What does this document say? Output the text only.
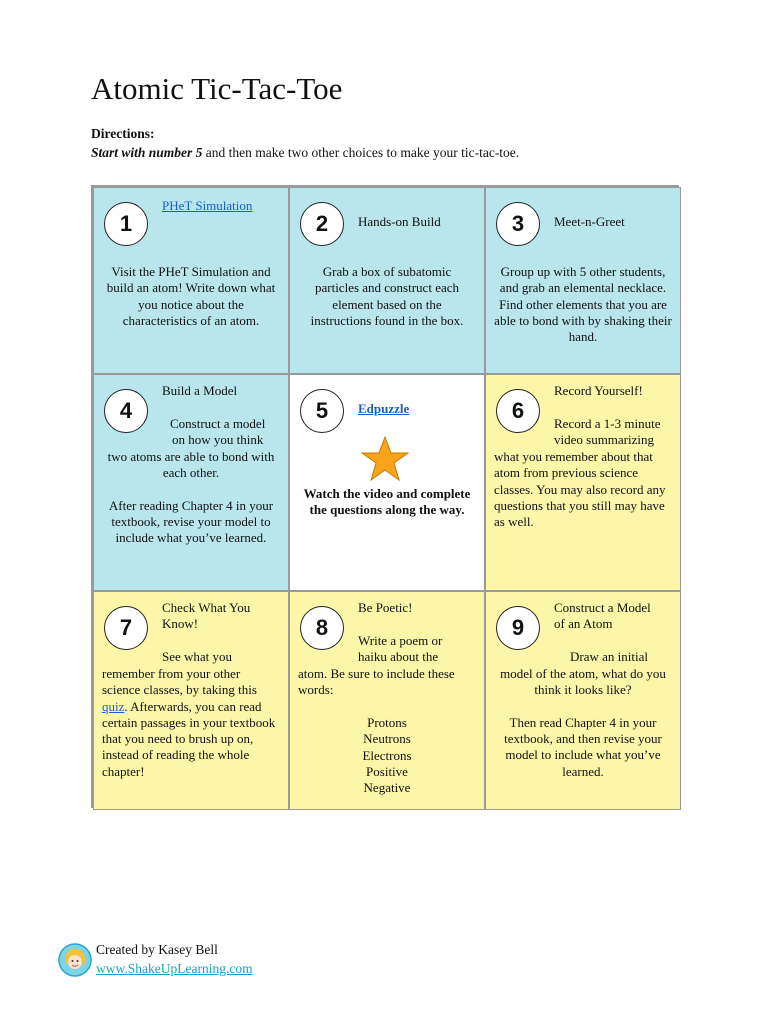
Atomic Tic-Tac-Toe
Directions:
Start with number 5 and then make two other choices to make your tic-tac-toe.
1
PHeT Simulation
Visit the PHeT Simulation and build an atom! Write down what you notice about the characteristics of an atom.
2	Hands-on Build
Grab a box of subatomic particles and construct each element based on the instructions found in the box.
3	Meet-n-Greet
Group up with 5 other students, and grab an elemental necklace. Find other elements that you are able to bond with by shaking their hand.
4
Build a Model
Construct a model
on how you think
two atoms are able to bond with each other.

After reading Chapter 4 in your textbook, revise your model to include what you’ve learned.
5	Edpuzzle
Watch the video and complete the questions along the way.
6
Record Yourself!
Record a 1-3 minute
video summarizing
what you remember about that atom from previous science classes. You may also record any questions that you still may have as well.
7
Check What You Know!
See what you
remember from your other science classes, by taking this quiz. Afterwards, you can read certain passages in your textbook that you need to brush up on, instead of reading the whole chapter!
8
Be Poetic!
Write a poem or
haiku about the
atom. Be sure to include these words:
Protons
Neutrons
Electrons
Positive
Negative
9
Construct a Model of an Atom
Draw an initial
model of the atom, what do you think it looks like?

Then read Chapter 4 in your textbook, and then revise your model to include what you’ve learned.
Created by Kasey Bell
www.ShakeUpLearning.com
